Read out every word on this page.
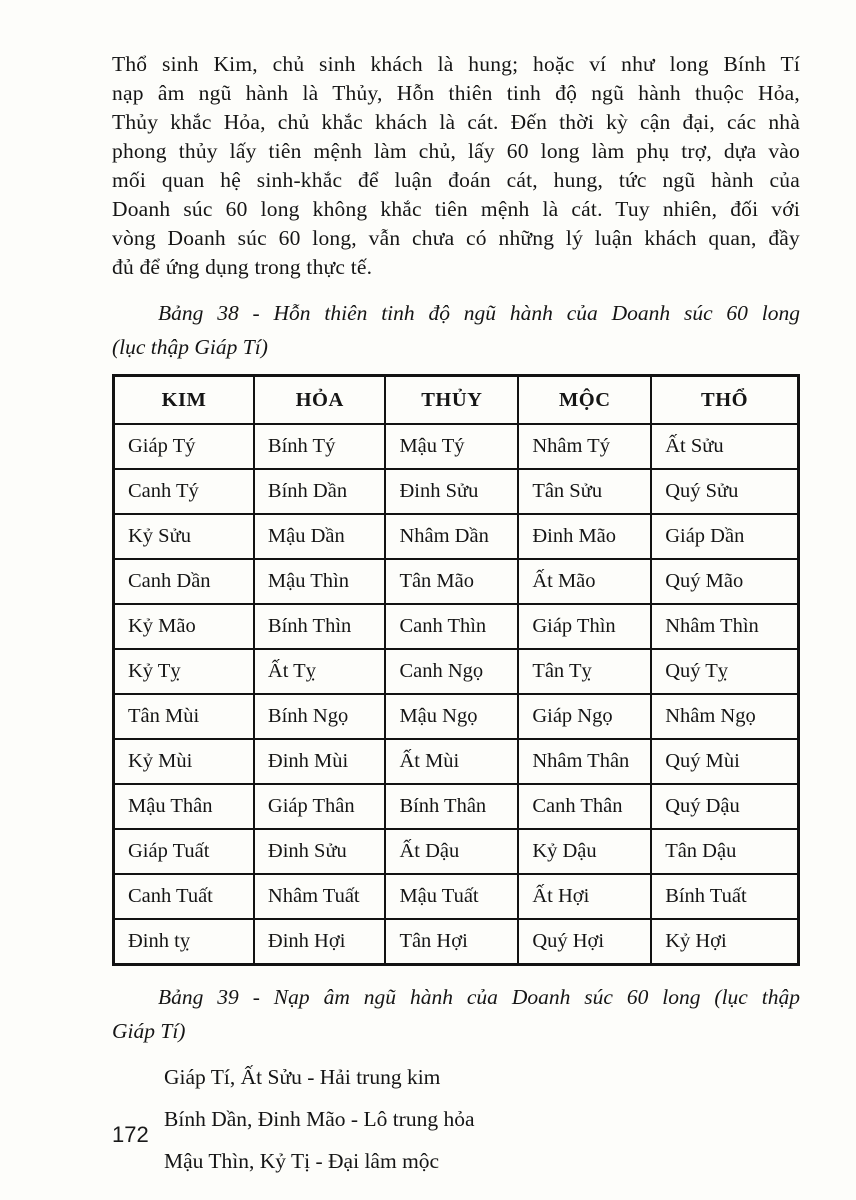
Thổ sinh Kim, chủ sinh khách là hung; hoặc ví như long Bính Tí
nạp âm ngũ hành là Thủy, Hỗn thiên tinh độ ngũ hành thuộc Hỏa,
Thủy khắc Hỏa, chủ khắc khách là cát. Đến thời kỳ cận đại, các nhà
phong thủy lấy tiên mệnh làm chủ, lấy 60 long làm phụ trợ, dựa vào
mối quan hệ sinh-khắc để luận đoán cát, hung, tức ngũ hành của
Doanh súc 60 long không khắc tiên mệnh là cát. Tuy nhiên, đối với
vòng Doanh súc 60 long, vẫn chưa có những lý luận khách quan, đầy
đủ để ứng dụng trong thực tế.
Bảng 38 - Hỗn thiên tinh độ ngũ hành của Doanh súc 60 long
(lục thập Giáp Tí)
KIM	HỎA	THỦY	MỘC	THỔ
Giáp Tý	Bính Tý	Mậu Tý	Nhâm Tý	Ất Sửu
Canh Tý	Bính Dần	Đinh Sửu	Tân Sửu	Quý Sửu
Kỷ Sửu	Mậu Dần	Nhâm Dần	Đinh Mão	Giáp Dần
Canh Dần	Mậu Thìn	Tân Mão	Ất Mão	Quý Mão
Kỷ Mão	Bính Thìn	Canh Thìn	Giáp Thìn	Nhâm Thìn
Kỷ Tỵ	Ất Tỵ	Canh Ngọ	Tân Tỵ	Quý Tỵ
Tân Mùi	Bính Ngọ	Mậu Ngọ	Giáp Ngọ	Nhâm Ngọ
Kỷ Mùi	Đinh Mùi	Ất Mùi	Nhâm Thân	Quý Mùi
Mậu Thân	Giáp Thân	Bính Thân	Canh Thân	Quý Dậu
Giáp Tuất	Đinh Sửu	Ất Dậu	Kỷ Dậu	Tân Dậu
Canh Tuất	Nhâm Tuất	Mậu Tuất	Ất Hợi	Bính Tuất
Đinh tỵ	Đinh Hợi	Tân Hợi	Quý Hợi	Kỷ Hợi
Bảng 39 - Nạp âm ngũ hành của Doanh súc 60 long (lục thập
Giáp Tí)
Giáp Tí, Ất Sửu - Hải trung kim
Bính Dần, Đinh Mão - Lô trung hỏa
Mậu Thìn, Kỷ Tị - Đại lâm mộc
172
